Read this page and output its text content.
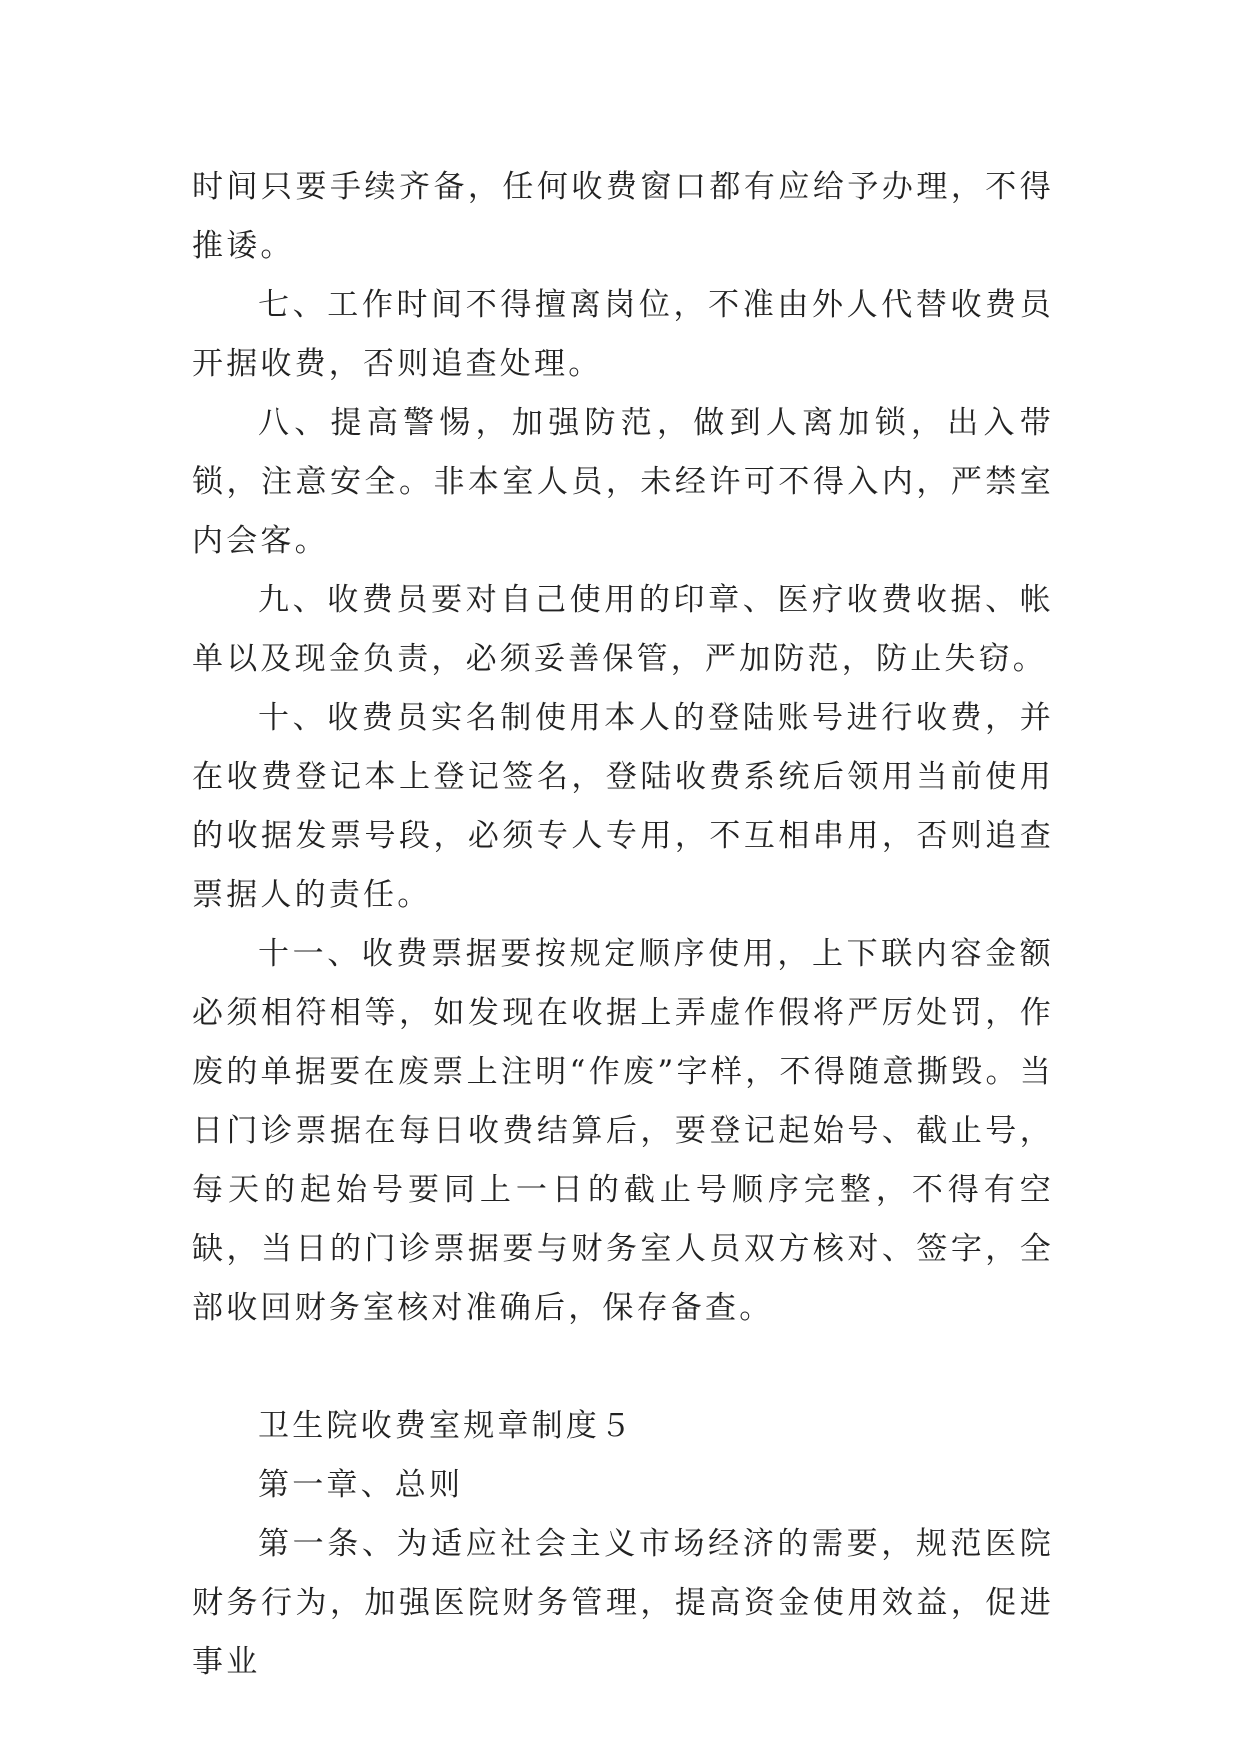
时间只要手续齐备，任何收费窗口都有应给予办理，不得推诿。

七、工作时间不得擅离岗位，不准由外人代替收费员开据收费，否则追查处理。

八、提高警惕，加强防范，做到人离加锁，出入带锁，注意安全。非本室人员，未经许可不得入内，严禁室内会客。

九、收费员要对自己使用的印章、医疗收费收据、帐单以及现金负责，必须妥善保管，严加防范，防止失窃。

十、收费员实名制使用本人的登陆账号进行收费，并在收费登记本上登记签名，登陆收费系统后领用当前使用的收据发票号段，必须专人专用，不互相串用，否则追查票据人的责任。

十一、收费票据要按规定顺序使用，上下联内容金额必须相符相等，如发现在收据上弄虚作假将严厉处罚，作废的单据要在废票上注明“作废”字样，不得随意撕毁。当日门诊票据在每日收费结算后，要登记起始号、截止号，每天的起始号要同上一日的截止号顺序完整，不得有空缺，当日的门诊票据要与财务室人员双方核对、签字，全部收回财务室核对准确后，保存备查。

卫生院收费室规章制度５

第一章、总则

第一条、为适应社会主义市场经济的需要，规范医院财务行为，加强医院财务管理，提高资金使用效益，促进事业
